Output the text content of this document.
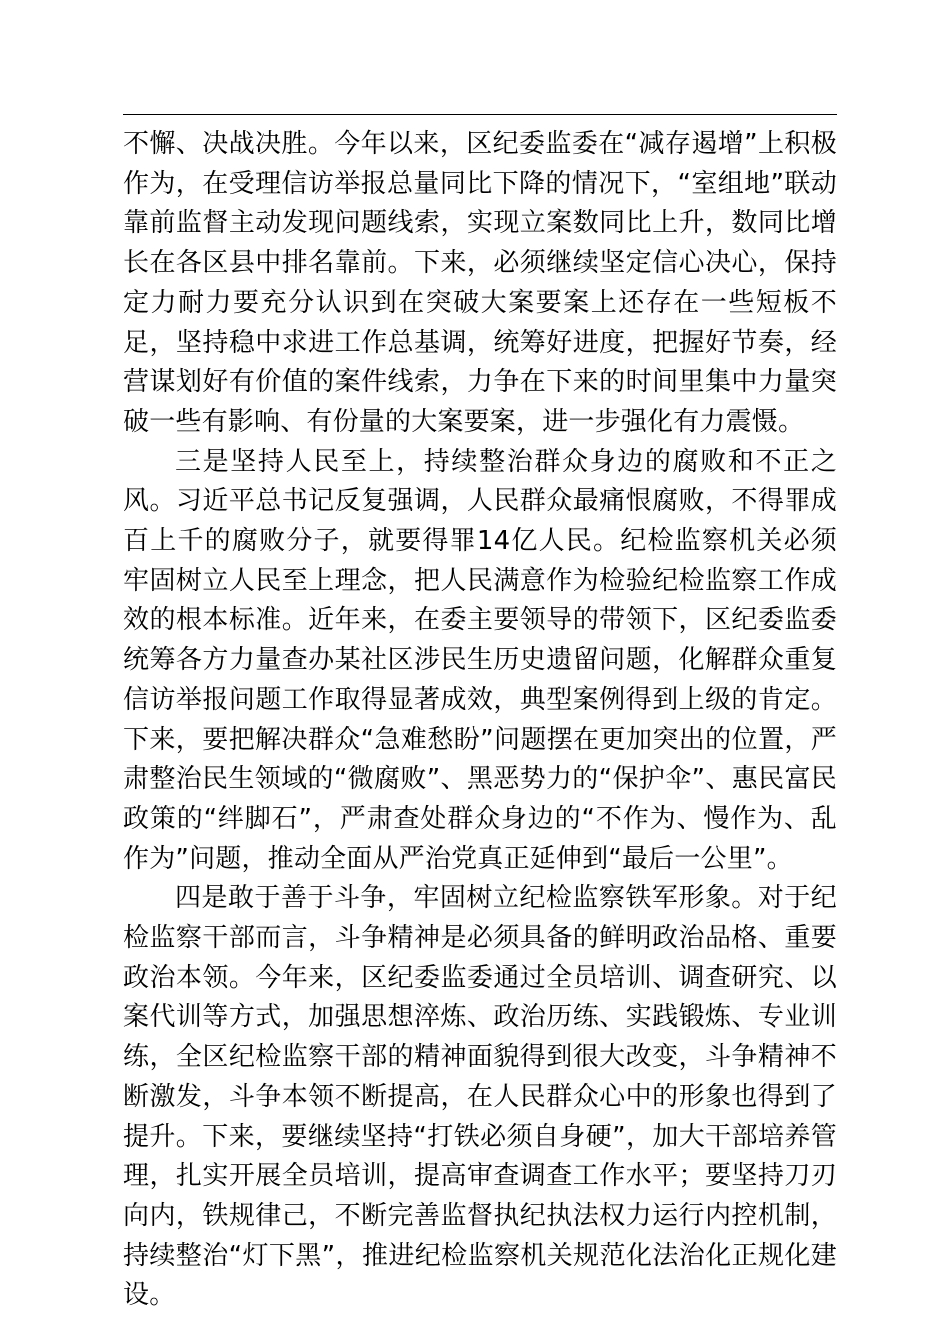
不懈、决战决胜。今年以来，区纪委监委在“减存遏增”上积极作为，在受理信访举报总量同比下降的情况下，“室组地”联动靠前监督主动发现问题线索，实现立案数同比上升，数同比增长在各区县中排名靠前。下来，必须继续坚定信心决心，保持定力耐力要充分认识到在突破大案要案上还存在一些短板不足，坚持稳中求进工作总基调，统筹好进度，把握好节奏，经营谋划好有价值的案件线索，力争在下来的时间里集中力量突破一些有影响、有份量的大案要案，进一步强化有力震慑。

三是坚持人民至上，持续整治群众身边的腐败和不正之风。习近平总书记反复强调，人民群众最痛恨腐败，不得罪成百上千的腐败分子，就要得罪14亿人民。纪检监察机关必须牢固树立人民至上理念，把人民满意作为检验纪检监察工作成效的根本标准。近年来，在委主要领导的带领下，区纪委监委统筹各方力量查办某社区涉民生历史遗留问题，化解群众重复信访举报问题工作取得显著成效，典型案例得到上级的肯定。下来，要把解决群众“急难愁盼”问题摆在更加突出的位置，严肃整治民生领域的“微腐败”、黑恶势力的“保护伞”、惠民富民政策的“绊脚石”，严肃查处群众身边的“不作为、慢作为、乱作为”问题，推动全面从严治党真正延伸到“最后一公里”。

四是敢于善于斗争，牢固树立纪检监察铁军形象。对于纪检监察干部而言，斗争精神是必须具备的鲜明政治品格、重要政治本领。今年来，区纪委监委通过全员培训、调查研究、以案代训等方式，加强思想淬炼、政治历练、实践锻炼、专业训练，全区纪检监察干部的精神面貌得到很大改变，斗争精神不断激发，斗争本领不断提高，在人民群众心中的形象也得到了提升。下来，要继续坚持“打铁必须自身硬”，加大干部培养管理，扎实开展全员培训，提高审查调查工作水平；要坚持刀刃向内，铁规律己，不断完善监督执纪执法权力运行内控机制，持续整治“灯下黑”，推进纪检监察机关规范化法治化正规化建设。
